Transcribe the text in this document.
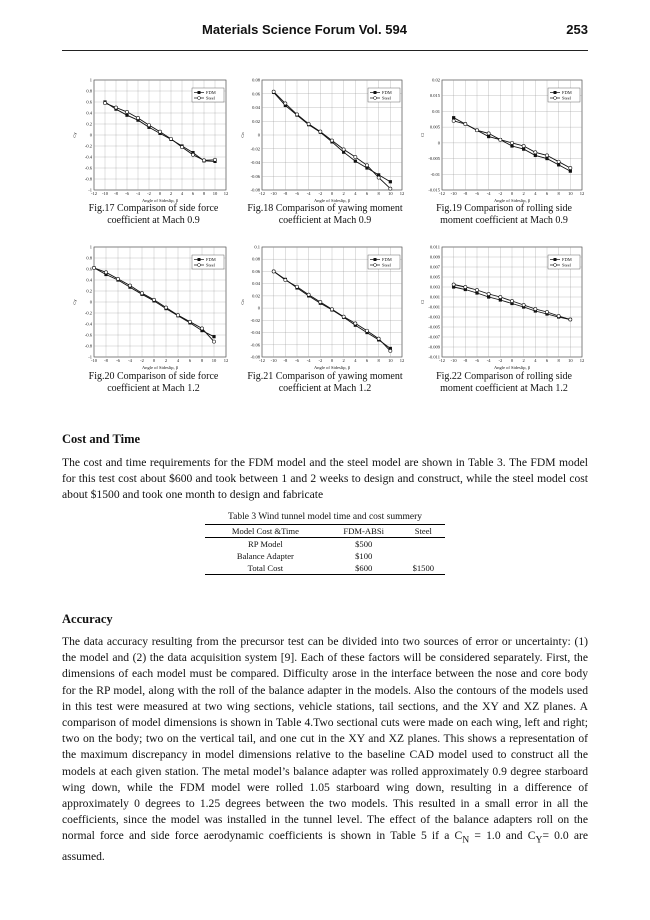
Materials Science Forum Vol. 594	253
1
0.8
0.6
0.4
0.2
0
-0.2
-0.4
-0.6
-0.8
-1
-12 -10 -8 -6 -4 -2 0 2 4 6 8 10 12
Angle of Sideslip, β
Cy
FDM
Steel
0.08
0.06
0.04
0.02
0
-0.02
-0.04
-0.06
-0.08
-12 -10 -8 -6 -4 -2 0 2 4 6 8 10 12
Angle of Sideslip, β
Cn
FDM
Steel
0.02
0.015
0.01
0.005
0
-0.005
-0.01
-0.015
-12 -10 -8 -6 -4 -2 0 2 4 6 8 10 12
Angle of Sideslip, β
Cl
FDM
Steel
1
0.8
0.6
0.4
0.2
0
-0.2
-0.4
-0.6
-0.8
-1
-10 -8 -6 -4 -2 0 2 4 6 8 10 12
Angle of Sideslip, β
Cy
FDM
Steel
0.1
0.08
0.06
0.04
0.02
0
-0.02
-0.04
-0.06
-0.08
-12 -10 -8 -6 -4 -2 0 2 4 6 8 10 12
Angle of Sideslip, β
Cn
FDM
Steel
0.011
0.009
0.007
0.005
0.003
0.001
-0.001
-0.003
-0.005
-0.007
-0.009
-0.011
-12 -10 -8 -6 -4 -2 0 2 4 6 8 10 12
Angle of Sideslip, β
Cl
FDM
Steel
Fig.17 Comparison of side force
coefficient at Mach 0.9
Fig.18 Comparison of yawing moment
coefficient at Mach 0.9
Fig.19 Comparison of rolling side
moment coefficient at Mach 0.9
Fig.20 Comparison of side force
coefficient at Mach 1.2
Fig.21 Comparison of yawing moment
coefficient at Mach 1.2
Fig.22 Comparison of rolling side
moment coefficient at Mach 1.2
Cost and Time

The cost and time requirements for the FDM model and the steel model are shown in Table 3. The FDM model for this test cost about $600 and took between 1 and 2 weeks to design and construct, while the steel model cost about $1500 and took one month to design and fabricate

Table 3 Wind tunnel model time and cost summery
Model Cost &Time	FDM-ABSi	Steel
RP Model	$500	
Balance Adapter	$100	
Total Cost	$600	$1500
Accuracy

The data accuracy resulting from the precursor test can be divided into two sources of error or uncertainty: (1) the model and (2) the data acquisition system [9]. Each of these factors will be considered separately. First, the dimensions of each model must be compared. Difficulty arose in the interface between the nose and core body for the RP model, along with the roll of the balance adapter in the models. Also the contours of the models used in this test were measured at two wing sections, vehicle stations, tail sections, and the XY and XZ planes. A comparison of model dimensions is shown in Table 4.Two sectional cuts were made on each wing, left and right; two on the body; two on the vertical tail, and one cut in the XY and XZ planes. This shows a representation of the maximum discrepancy in model dimensions relative to the baseline CAD model used to construct all the models at each given station. The metal model’s balance adapter was rolled approximately 0.9 degree starboard wing down, while the FDM model were rolled 1.05 starboard wing down, resulting in a difference of approximately 0 degrees to 1.25 degrees between the two models. This resulted in a small error in all the coefficients, since the model was installed in the tunnel level. The effect of the balance adapters roll on the normal force and side force aerodynamic coefficients is shown in Table 5 if a $C_N = 1.0$ and $C_Y= 0.0$ are assumed.
